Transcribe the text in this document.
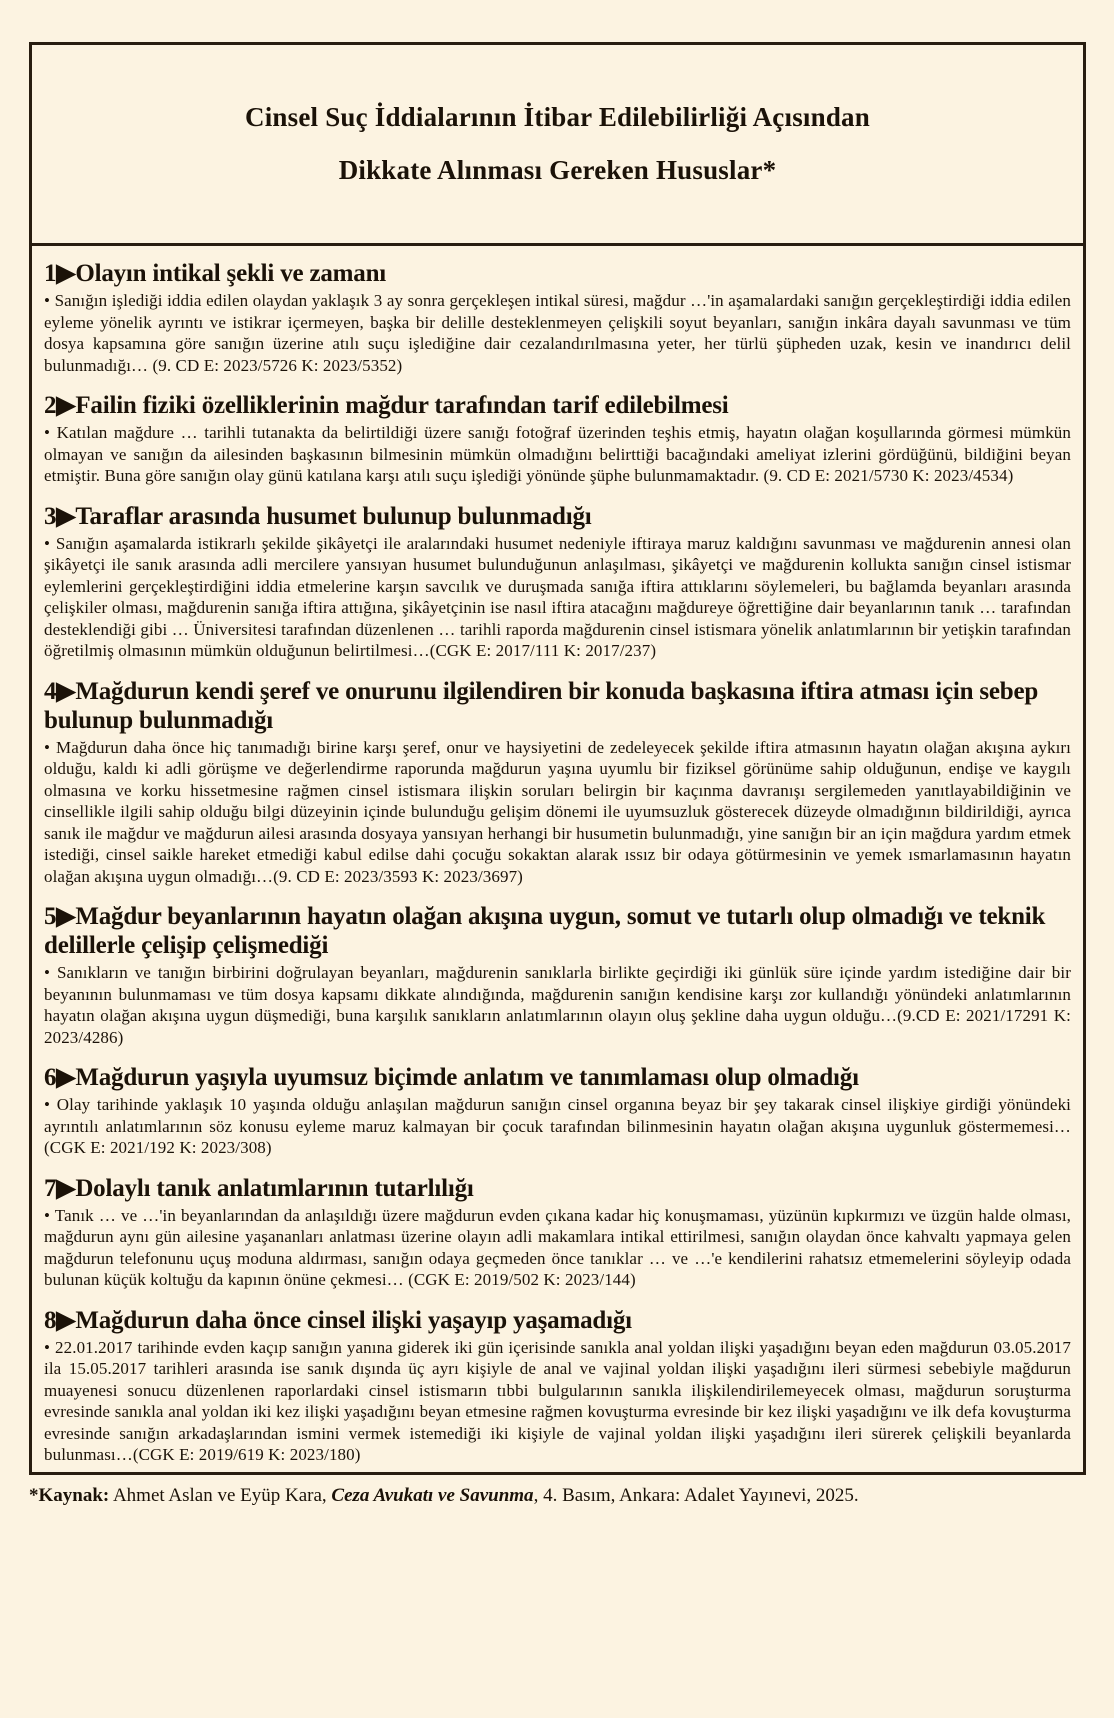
Cinsel Suç İddialarının İtibar Edilebilirliği Açısından
Dikkate Alınması Gereken Hususlar*
1▶Olayın intikal şekli ve zamanı

• Sanığın işlediği iddia edilen olaydan yaklaşık 3 ay sonra gerçekleşen intikal süresi, mağdur …'in aşamalardaki sanığın gerçekleştirdiği iddia edilen eyleme yönelik ayrıntı ve istikrar içermeyen, başka bir delille desteklenmeyen çelişkili soyut beyanları, sanığın inkâra dayalı savunması ve tüm dosya kapsamına göre sanığın üzerine atılı suçu işlediğine dair cezalandırılmasına yeter, her türlü şüpheden uzak, kesin ve inandırıcı delil bulunmadığı… (9. CD E: 2023/5726 K: 2023/5352)

2▶Failin fiziki özelliklerinin mağdur tarafından tarif edilebilmesi

• Katılan mağdure … tarihli tutanakta da belirtildiği üzere sanığı fotoğraf üzerinden teşhis etmiş, hayatın olağan koşullarında görmesi mümkün olmayan ve sanığın da ailesinden başkasının bilmesinin mümkün olmadığını belirttiği bacağındaki ameliyat izlerini gördüğünü, bildiğini beyan etmiştir. Buna göre sanığın olay günü katılana karşı atılı suçu işlediği yönünde şüphe bulunmamaktadır. (9. CD E: 2021/5730 K: 2023/4534)

3▶Taraflar arasında husumet bulunup bulunmadığı

• Sanığın aşamalarda istikrarlı şekilde şikâyetçi ile aralarındaki husumet nedeniyle iftiraya maruz kaldığını savunması ve mağdurenin annesi olan şikâyetçi ile sanık arasında adli mercilere yansıyan husumet bulunduğunun anlaşılması, şikâyetçi ve mağdurenin kollukta sanığın cinsel istismar eylemlerini gerçekleştirdiğini iddia etmelerine karşın savcılık ve duruşmada sanığa iftira attıklarını söylemeleri, bu bağlamda beyanları arasında çelişkiler olması, mağdurenin sanığa iftira attığına, şikâyetçinin ise nasıl iftira atacağını mağdureye öğrettiğine dair beyanlarının tanık … tarafından desteklendiği gibi … Üniversitesi tarafından düzenlenen … tarihli raporda mağdurenin cinsel istismara yönelik anlatımlarının bir yetişkin tarafından öğretilmiş olmasının mümkün olduğunun belirtilmesi…(CGK E: 2017/111 K: 2017/237)

4▶Mağdurun kendi şeref ve onurunu ilgilendiren bir konuda başkasına iftira atması için sebep bulunup bulunmadığı

• Mağdurun daha önce hiç tanımadığı birine karşı şeref, onur ve haysiyetini de zedeleyecek şekilde iftira atmasının hayatın olağan akışına aykırı olduğu, kaldı ki adli görüşme ve değerlendirme raporunda mağdurun yaşına uyumlu bir fiziksel görünüme sahip olduğunun, endişe ve kaygılı olmasına ve korku hissetmesine rağmen cinsel istismara ilişkin soruları belirgin bir kaçınma davranışı sergilemeden yanıtlayabildiğinin ve cinsellikle ilgili sahip olduğu bilgi düzeyinin içinde bulunduğu gelişim dönemi ile uyumsuzluk gösterecek düzeyde olmadığının bildirildiği, ayrıca sanık ile mağdur ve mağdurun ailesi arasında dosyaya yansıyan herhangi bir husumetin bulunmadığı, yine sanığın bir an için mağdura yardım etmek istediği, cinsel saikle hareket etmediği kabul edilse dahi çocuğu sokaktan alarak ıssız bir odaya götürmesinin ve yemek ısmarlamasının hayatın olağan akışına uygun olmadığı…(9. CD E: 2023/3593 K: 2023/3697)

5▶Mağdur beyanlarının hayatın olağan akışına uygun, somut ve tutarlı olup olmadığı ve teknik delillerle çelişip çelişmediği

• Sanıkların ve tanığın birbirini doğrulayan beyanları, mağdurenin sanıklarla birlikte geçirdiği iki günlük süre içinde yardım istediğine dair bir beyanının bulunmaması ve tüm dosya kapsamı dikkate alındığında, mağdurenin sanığın kendisine karşı zor kullandığı yönündeki anlatımlarının hayatın olağan akışına uygun düşmediği, buna karşılık sanıkların anlatımlarının olayın oluş şekline daha uygun olduğu…(9.CD E: 2021/17291 K: 2023/4286)

6▶Mağdurun yaşıyla uyumsuz biçimde anlatım ve tanımlaması olup olmadığı

• Olay tarihinde yaklaşık 10 yaşında olduğu anlaşılan mağdurun sanığın cinsel organına beyaz bir şey takarak cinsel ilişkiye girdiği yönündeki ayrıntılı anlatımlarının söz konusu eyleme maruz kalmayan bir çocuk tarafından bilinmesinin hayatın olağan akışına uygunluk göstermemesi…(CGK E: 2021/192 K: 2023/308)

7▶Dolaylı tanık anlatımlarının tutarlılığı

• Tanık … ve …'in beyanlarından da anlaşıldığı üzere mağdurun evden çıkana kadar hiç konuşmaması, yüzünün kıpkırmızı ve üzgün halde olması, mağdurun aynı gün ailesine yaşananları anlatması üzerine olayın adli makamlara intikal ettirilmesi, sanığın olaydan önce kahvaltı yapmaya gelen mağdurun telefonunu uçuş moduna aldırması, sanığın odaya geçmeden önce tanıklar … ve …'e kendilerini rahatsız etmemelerini söyleyip odada bulunan küçük koltuğu da kapının önüne çekmesi… (CGK E: 2019/502 K: 2023/144)

8▶Mağdurun daha önce cinsel ilişki yaşayıp yaşamadığı

• 22.01.2017 tarihinde evden kaçıp sanığın yanına giderek iki gün içerisinde sanıkla anal yoldan ilişki yaşadığını beyan eden mağdurun 03.05.2017 ila 15.05.2017 tarihleri arasında ise sanık dışında üç ayrı kişiyle de anal ve vajinal yoldan ilişki yaşadığını ileri sürmesi sebebiyle mağdurun muayenesi sonucu düzenlenen raporlardaki cinsel istismarın tıbbi bulgularının sanıkla ilişkilendirilemeyecek olması, mağdurun soruşturma evresinde sanıkla anal yoldan iki kez ilişki yaşadığını beyan etmesine rağmen kovuşturma evresinde bir kez ilişki yaşadığını ve ilk defa kovuşturma evresinde sanığın arkadaşlarından ismini vermek istemediği iki kişiyle de vajinal yoldan ilişki yaşadığını ileri sürerek çelişkili beyanlarda bulunması…(CGK E: 2019/619 K: 2023/180)

*Kaynak: Ahmet Aslan ve Eyüp Kara, Ceza Avukatı ve Savunma, 4. Basım, Ankara: Adalet Yayınevi, 2025.
